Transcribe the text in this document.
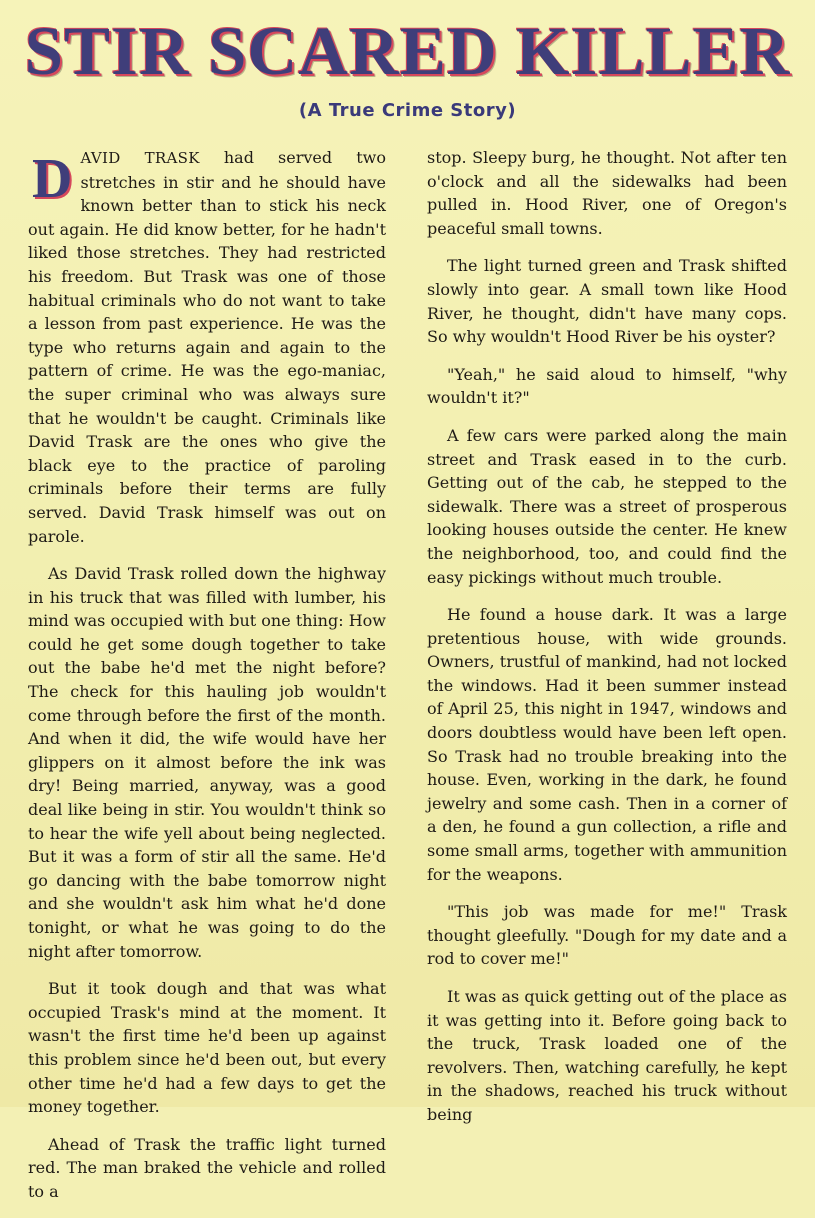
STIR SCARED KILLER
(A True Crime Story)

DAVID TRASK had served two stretches in stir and he should have known better than to stick his neck out again. He did know better, for he hadn't liked those stretches. They had restricted his freedom. But Trask was one of those habitual criminals who do not want to take a lesson from past experience. He was the type who returns again and again to the pattern of crime. He was the ego-maniac, the super criminal who was always sure that he wouldn't be caught. Criminals like David Trask are the ones who give the black eye to the practice of paroling criminals before their terms are fully served. David Trask himself was out on parole.

As David Trask rolled down the highway in his truck that was filled with lumber, his mind was occupied with but one thing: How could he get some dough together to take out the babe he'd met the night before? The check for this hauling job wouldn't come through before the first of the month. And when it did, the wife would have her glippers on it almost before the ink was dry! Being married, anyway, was a good deal like being in stir. You wouldn't think so to hear the wife yell about being neglected. But it was a form of stir all the same. He'd go dancing with the babe tomorrow night and she wouldn't ask him what he'd done tonight, or what he was going to do the night after tomorrow.

But it took dough and that was what occupied Trask's mind at the moment. It wasn't the first time he'd been up against this problem since he'd been out, but every other time he'd had a few days to get the money together.

Ahead of Trask the traffic light turned red. The man braked the vehicle and rolled to a

stop. Sleepy burg, he thought. Not after ten o'clock and all the sidewalks had been pulled in. Hood River, one of Oregon's peaceful small towns.

The light turned green and Trask shifted slowly into gear. A small town like Hood River, he thought, didn't have many cops. So why wouldn't Hood River be his oyster?

"Yeah," he said aloud to himself, "why wouldn't it?"

A few cars were parked along the main street and Trask eased in to the curb. Getting out of the cab, he stepped to the sidewalk. There was a street of prosperous looking houses outside the center. He knew the neighborhood, too, and could find the easy pickings without much trouble.

He found a house dark. It was a large pretentious house, with wide grounds. Owners, trustful of mankind, had not locked the windows. Had it been summer instead of April 25, this night in 1947, windows and doors doubtless would have been left open. So Trask had no trouble breaking into the house. Even, working in the dark, he found jewelry and some cash. Then in a corner of a den, he found a gun collection, a rifle and some small arms, together with ammunition for the weapons.

"This job was made for me!" Trask thought gleefully. "Dough for my date and a rod to cover me!"

It was as quick getting out of the place as it was getting into it. Before going back to the truck, Trask loaded one of the revolvers. Then, watching carefully, he kept in the shadows, reached his truck without being
